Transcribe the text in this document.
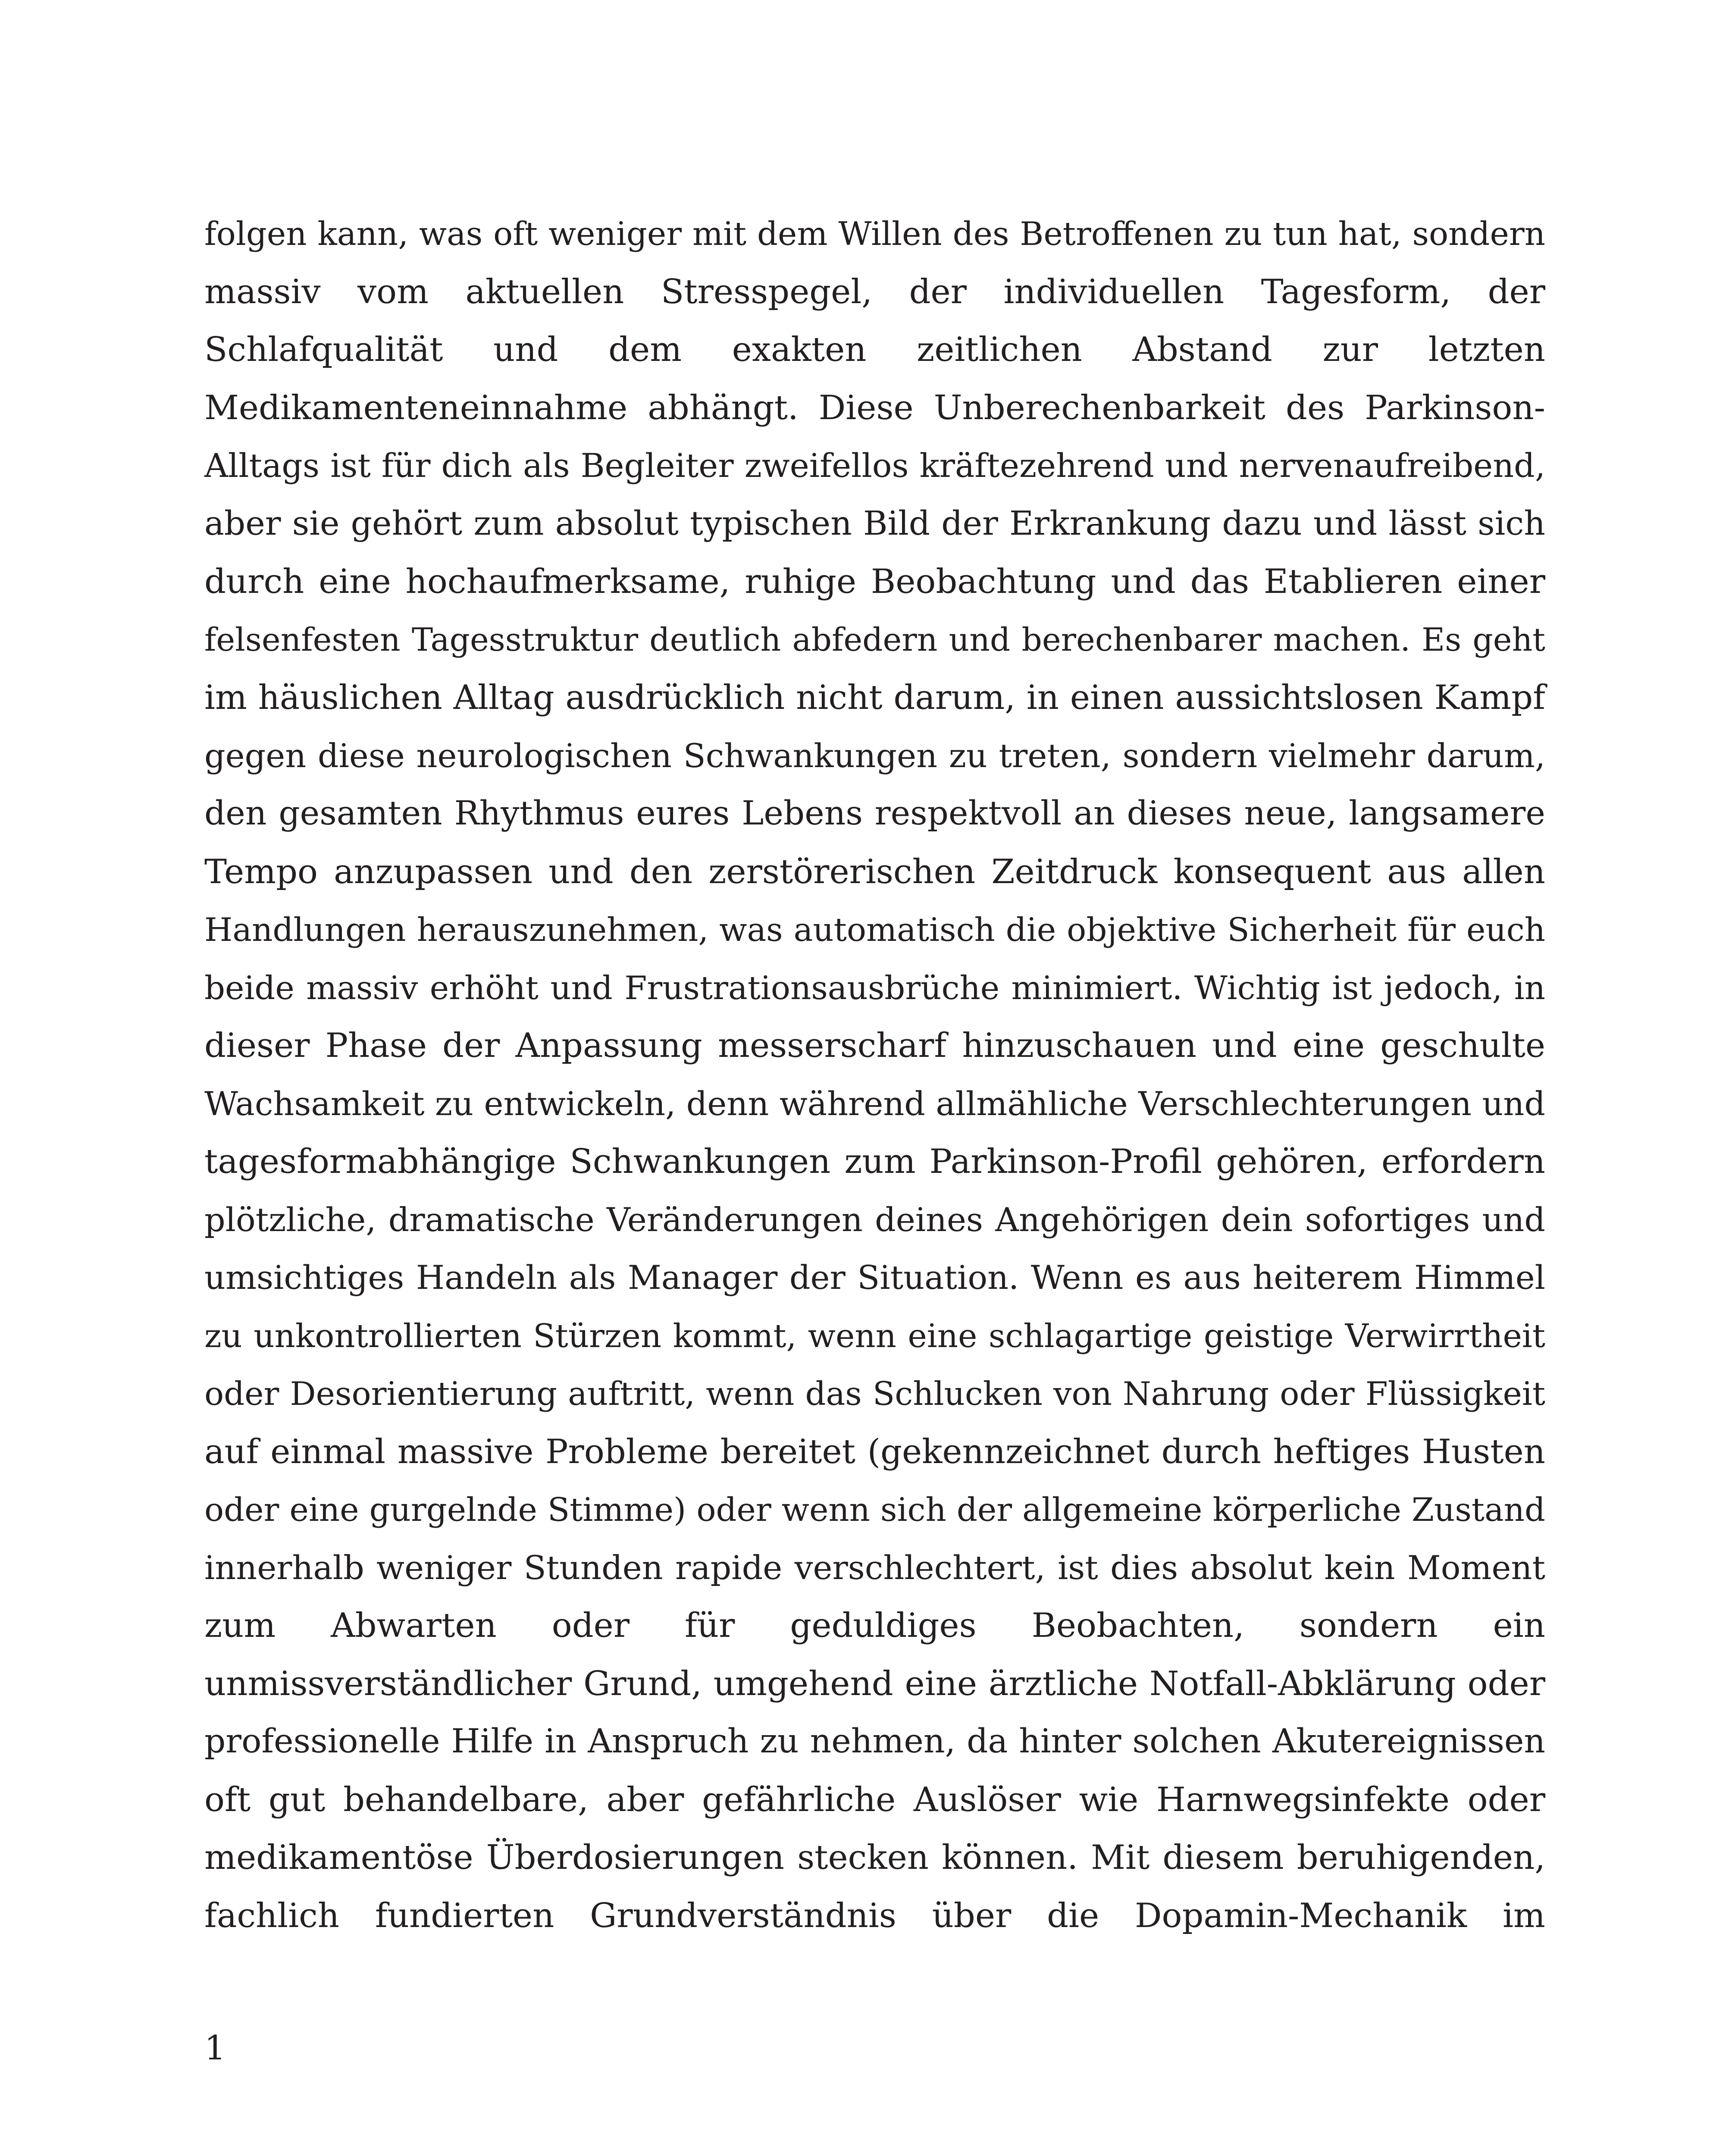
folgen kann, was oft weniger mit dem Willen des Betroffenen zu tun hat, sondern
massiv vom aktuellen Stresspegel, der individuellen Tagesform, der
Schlafqualität und dem exakten zeitlichen Abstand zur letzten
Medikamenteneinnahme abhängt. Diese Unberechenbarkeit des Parkinson-
Alltags ist für dich als Begleiter zweifellos kräftezehrend und nervenaufreibend,
aber sie gehört zum absolut typischen Bild der Erkrankung dazu und lässt sich
durch eine hochaufmerksame, ruhige Beobachtung und das Etablieren einer
felsenfesten Tagesstruktur deutlich abfedern und berechenbarer machen. Es geht
im häuslichen Alltag ausdrücklich nicht darum, in einen aussichtslosen Kampf
gegen diese neurologischen Schwankungen zu treten, sondern vielmehr darum,
den gesamten Rhythmus eures Lebens respektvoll an dieses neue, langsamere
Tempo anzupassen und den zerstörerischen Zeitdruck konsequent aus allen
Handlungen herauszunehmen, was automatisch die objektive Sicherheit für euch
beide massiv erhöht und Frustrationsausbrüche minimiert. Wichtig ist jedoch, in
dieser Phase der Anpassung messerscharf hinzuschauen und eine geschulte
Wachsamkeit zu entwickeln, denn während allmähliche Verschlechterungen und
tagesformabhängige Schwankungen zum Parkinson-Profil gehören, erfordern
plötzliche, dramatische Veränderungen deines Angehörigen dein sofortiges und
umsichtiges Handeln als Manager der Situation. Wenn es aus heiterem Himmel
zu unkontrollierten Stürzen kommt, wenn eine schlagartige geistige Verwirrtheit
oder Desorientierung auftritt, wenn das Schlucken von Nahrung oder Flüssigkeit
auf einmal massive Probleme bereitet (gekennzeichnet durch heftiges Husten
oder eine gurgelnde Stimme) oder wenn sich der allgemeine körperliche Zustand
innerhalb weniger Stunden rapide verschlechtert, ist dies absolut kein Moment
zum Abwarten oder für geduldiges Beobachten, sondern ein
unmissverständlicher Grund, umgehend eine ärztliche Notfall-Abklärung oder
professionelle Hilfe in Anspruch zu nehmen, da hinter solchen Akutereignissen
oft gut behandelbare, aber gefährliche Auslöser wie Harnwegsinfekte oder
medikamentöse Überdosierungen stecken können. Mit diesem beruhigenden,
fachlich fundierten Grundverständnis über die Dopamin-Mechanik im
1
